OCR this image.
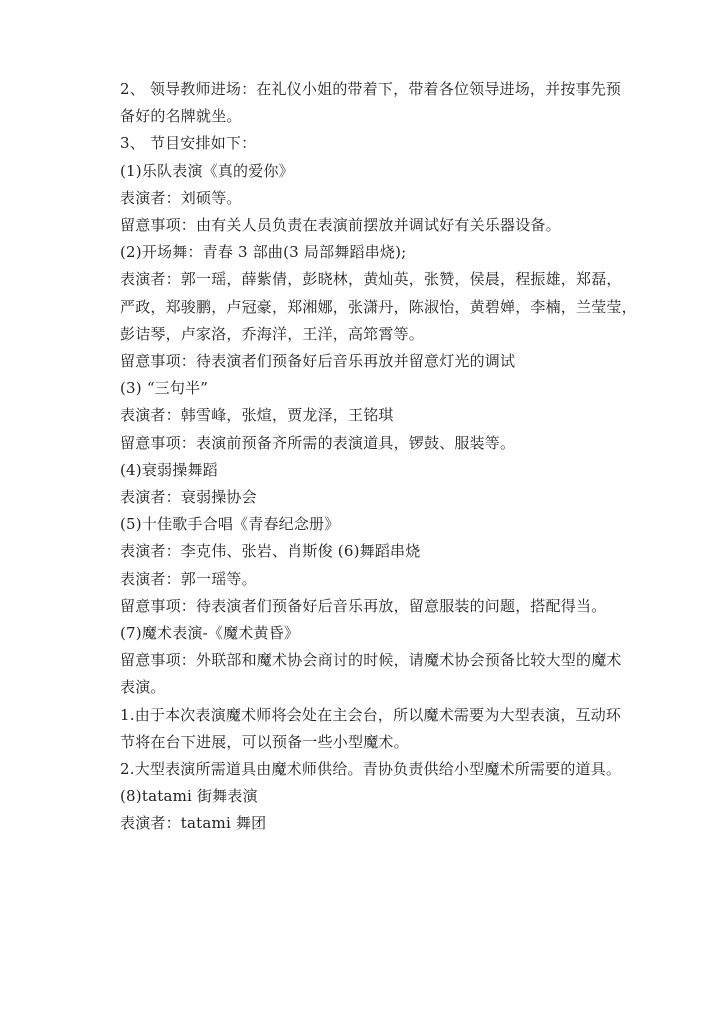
2、 领导教师进场：在礼仪小姐的带着下，带着各位领导进场，并按事先预

备好的名牌就坐。

3、 节目安排如下：

(1)乐队表演《真的爱你》

表演者：刘硕等。

留意事项：由有关人员负责在表演前摆放并调试好有关乐器设备。

(2)开场舞：青春 3 部曲(3 局部舞蹈串烧);

表演者：郭一瑶，薛紫倩，彭晓林，黄灿英，张赞，侯晨，程振雄，郑磊，

严政，郑骏鹏，卢冠豪，郑湘娜，张潇丹，陈淑怡，黄碧婵，李楠，兰莹莹，

彭诘琴，卢家洛，乔海洋，王洋，高筇霄等。

留意事项：待表演者们预备好后音乐再放并留意灯光的调试

(3) “三句半”

表演者：韩雪峰，张煊，贾龙泽，王铭琪

留意事项：表演前预备齐所需的表演道具，锣鼓、服装等。

(4)衰弱操舞蹈

表演者：衰弱操协会

(5)十佳歌手合唱《青春纪念册》

表演者：李克伟、张岩、肖斯俊 (6)舞蹈串烧

表演者：郭一瑶等。

留意事项：待表演者们预备好后音乐再放，留意服装的问题，搭配得当。

(7)魔术表演-《魔术黄昏》

留意事项：外联部和魔术协会商讨的时候，请魔术协会预备比较大型的魔术

表演。

1.由于本次表演魔术师将会处在主会台，所以魔术需要为大型表演，互动环

节将在台下进展，可以预备一些小型魔术。

2.大型表演所需道具由魔术师供给。青协负责供给小型魔术所需要的道具。

(8)tatami 街舞表演

表演者：tatami 舞团
